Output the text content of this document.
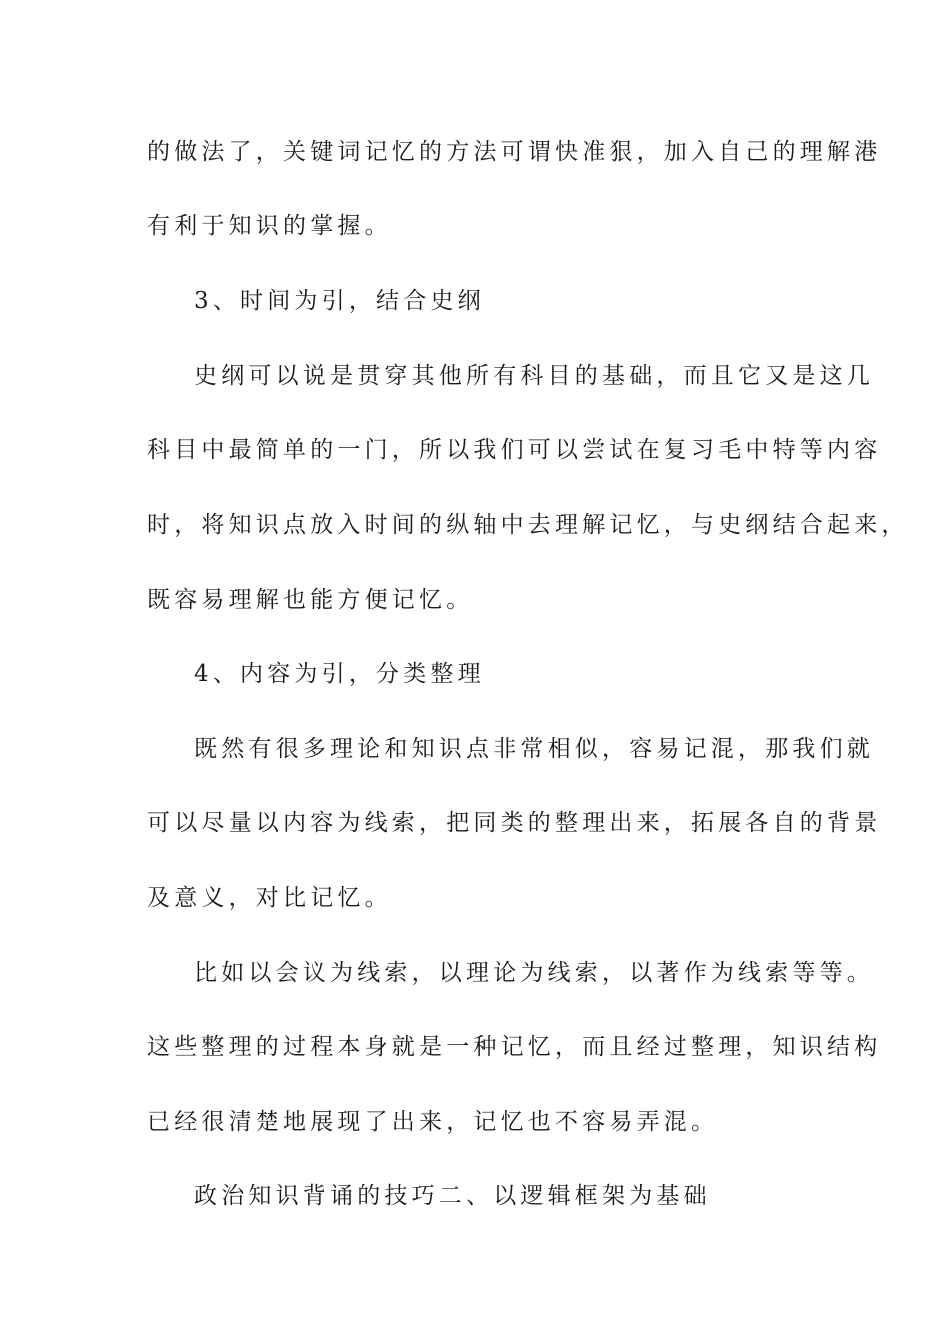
的做法了，关键词记忆的方法可谓快准狠，加入自己的理解港

有利于知识的掌握。

3、时间为引，结合史纲

史纲可以说是贯穿其他所有科目的基础，而且它又是这几

科目中最简单的一门，所以我们可以尝试在复习毛中特等内容

时，将知识点放入时间的纵轴中去理解记忆，与史纲结合起来，

既容易理解也能方便记忆。

4、内容为引，分类整理

既然有很多理论和知识点非常相似，容易记混，那我们就

可以尽量以内容为线索，把同类的整理出来，拓展各自的背景

及意义，对比记忆。

比如以会议为线索，以理论为线索，以著作为线索等等。

这些整理的过程本身就是一种记忆，而且经过整理，知识结构

已经很清楚地展现了出来，记忆也不容易弄混。

政治知识背诵的技巧二、以逻辑框架为基础
